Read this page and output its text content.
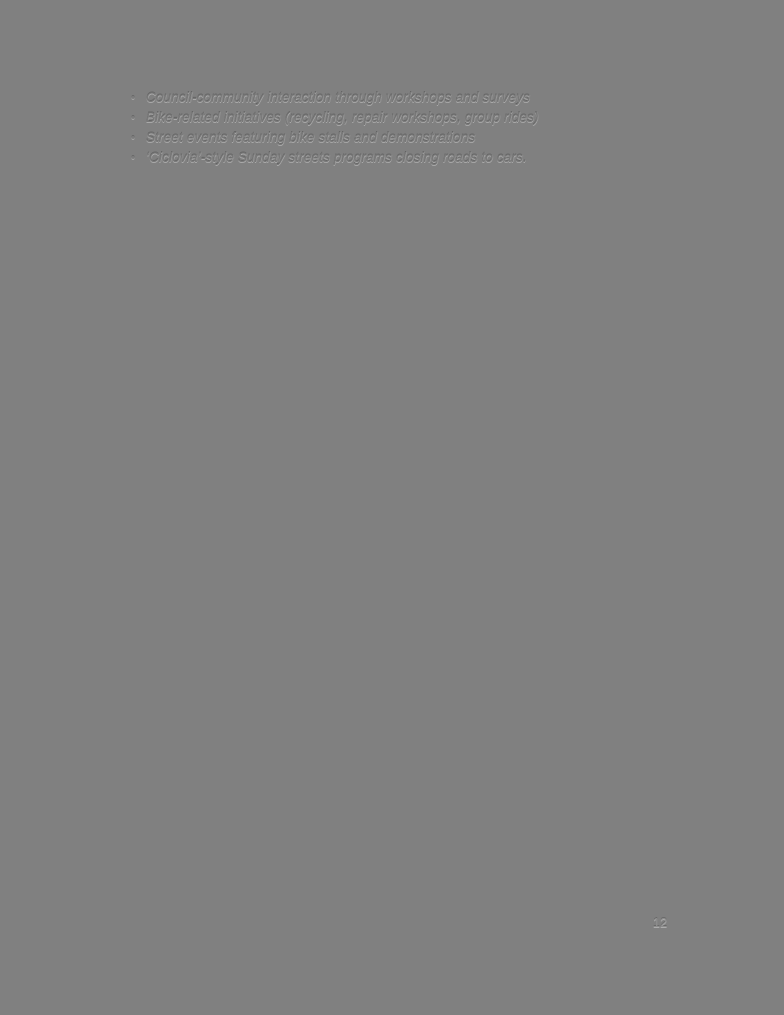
• Council-community interaction through workshops and surveys
• Bike-related initiatives (recycling, repair workshops, group rides)
• Street events featuring bike stalls and demonstrations
• ‘Ciclovia’-style Sunday streets programs closing roads to cars.
12
